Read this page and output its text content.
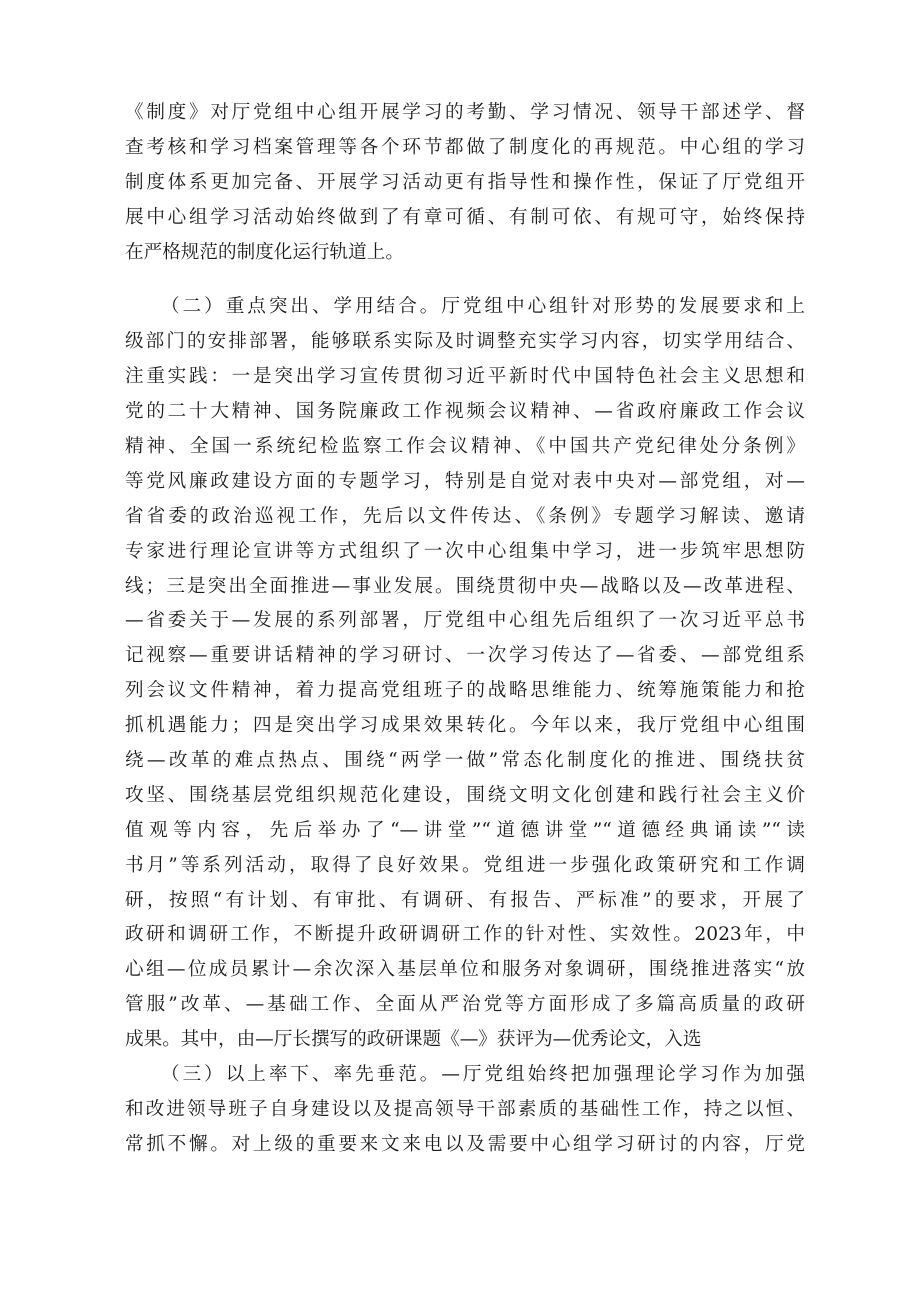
《制度》对厅党组中心组开展学习的考勤、学习情况、领导干部述学、督
查考核和学习档案管理等各个环节都做了制度化的再规范。中心组的学习
制度体系更加完备、开展学习活动更有指导性和操作性，保证了厅党组开
展中心组学习活动始终做到了有章可循、有制可依、有规可守，始终保持
在严格规范的制度化运行轨道上。
（二）重点突出、学用结合。厅党组中心组针对形势的发展要求和上
级部门的安排部署，能够联系实际及时调整充实学习内容，切实学用结合、
注重实践：一是突出学习宣传贯彻习近平新时代中国特色社会主义思想和
党的二十大精神、国务院廉政工作视频会议精神、—省政府廉政工作会议
精神、全国一系统纪检监察工作会议精神、《中国共产党纪律处分条例》
等党风廉政建设方面的专题学习，特别是自觉对表中央对—部党组，对—
省省委的政治巡视工作，先后以文件传达、《条例》专题学习解读、邀请
专家进行理论宣讲等方式组织了一次中心组集中学习，进一步筑牢思想防
线；三是突出全面推进—事业发展。围绕贯彻中央—战略以及—改革进程、
—省委关于—发展的系列部署，厅党组中心组先后组织了一次习近平总书
记视察—重要讲话精神的学习研讨、一次学习传达了—省委、—部党组系
列会议文件精神，着力提高党组班子的战略思维能力、统筹施策能力和抢
抓机遇能力；四是突出学习成果效果转化。今年以来，我厅党组中心组围
绕—改革的难点热点、围绕“两学一做”常态化制度化的推进、围绕扶贫
攻坚、围绕基层党组织规范化建设，围绕文明文化创建和践行社会主义价
值观等内容，先后举办了“—讲堂”“道德讲堂”“道德经典诵读”“读
书月”等系列活动，取得了良好效果。党组进一步强化政策研究和工作调
研，按照“有计划、有审批、有调研、有报告、严标准”的要求，开展了
政研和调研工作，不断提升政研调研工作的针对性、实效性。2023年，中
心组—位成员累计—余次深入基层单位和服务对象调研，围绕推进落实“放
管服”改革、—基础工作、全面从严治党等方面形成了多篇高质量的政研
成果。其中，由—厅长撰写的政研课题《—》获评为—优秀论文，入选
（三）以上率下、率先垂范。—厅党组始终把加强理论学习作为加强
和改进领导班子自身建设以及提高领导干部素质的基础性工作，持之以恒、
常抓不懈。对上级的重要来文来电以及需要中心组学习研讨的内容，厅党
